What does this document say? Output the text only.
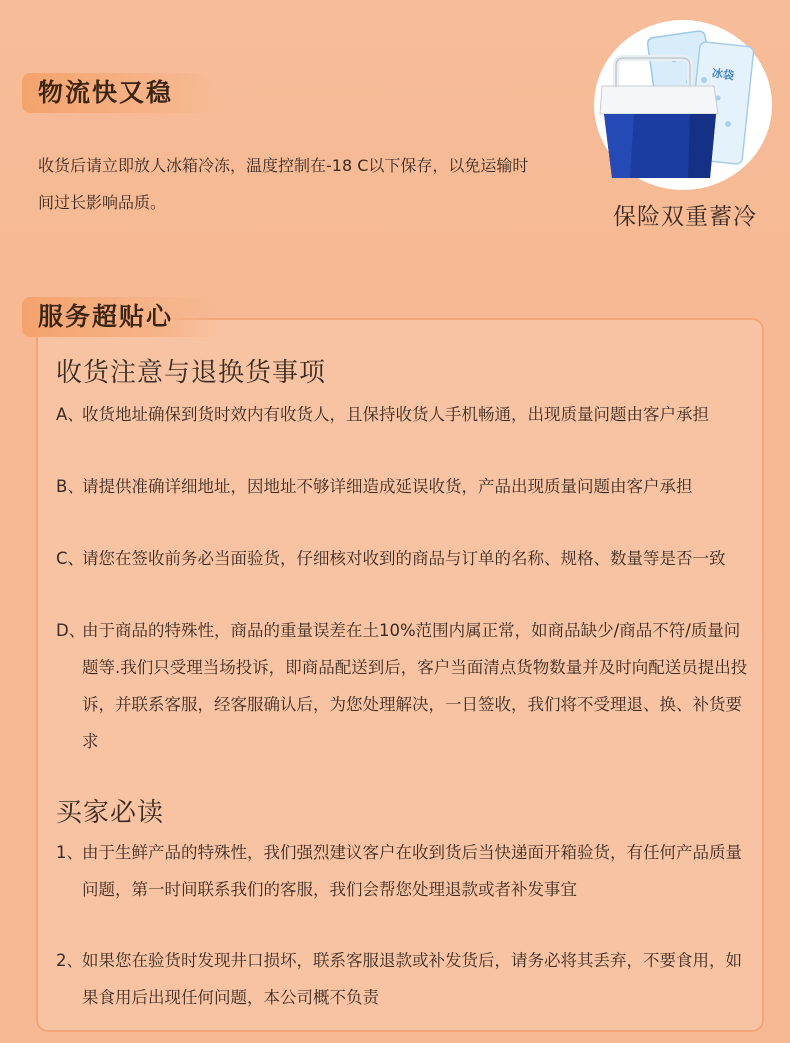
物流快又稳
收货后请立即放人冰箱冷冻，温度控制在-18 C以下保存，以免运输时间过长影响品质。
冰袋
保险双重蓄冷
服务超贴心
收货注意与退换货事项
A、
收货地址确保到货时效内有收货人，且保持收货人手机畅通，出现质量问题由客户承担
B、
请提供准确详细地址，因地址不够详细造成延误收货，产品出现质量问题由客户承担
C、
请您在签收前务必当面验货，仔细核对收到的商品与订单的名称、规格、数量等是否一致
D、
由于商品的特殊性，商品的重量误差在土10%范围内属正常，如商品缺少/商品不符/质量问题等.我们只受理当场投诉，即商品配送到后，客户当面清点货物数量并及时向配送员提出投诉，并联系客服，经客服确认后，为您处理解决，一日签收，我们将不受理退、换、补货要求
买家必读
1、 由于生鲜产品的特殊性，我们强烈建议客户在收到货后当快递面开箱验货，有任何产品质量问题，第一时间联系我们的客服，我们会帮您处理退款或者补发事宜
2、 如果您在验货时发现井口损坏，联系客服退款或补发货后，请务必将其丢弃，不要食用，如果食用后出现任何问题，本公司概不负责
